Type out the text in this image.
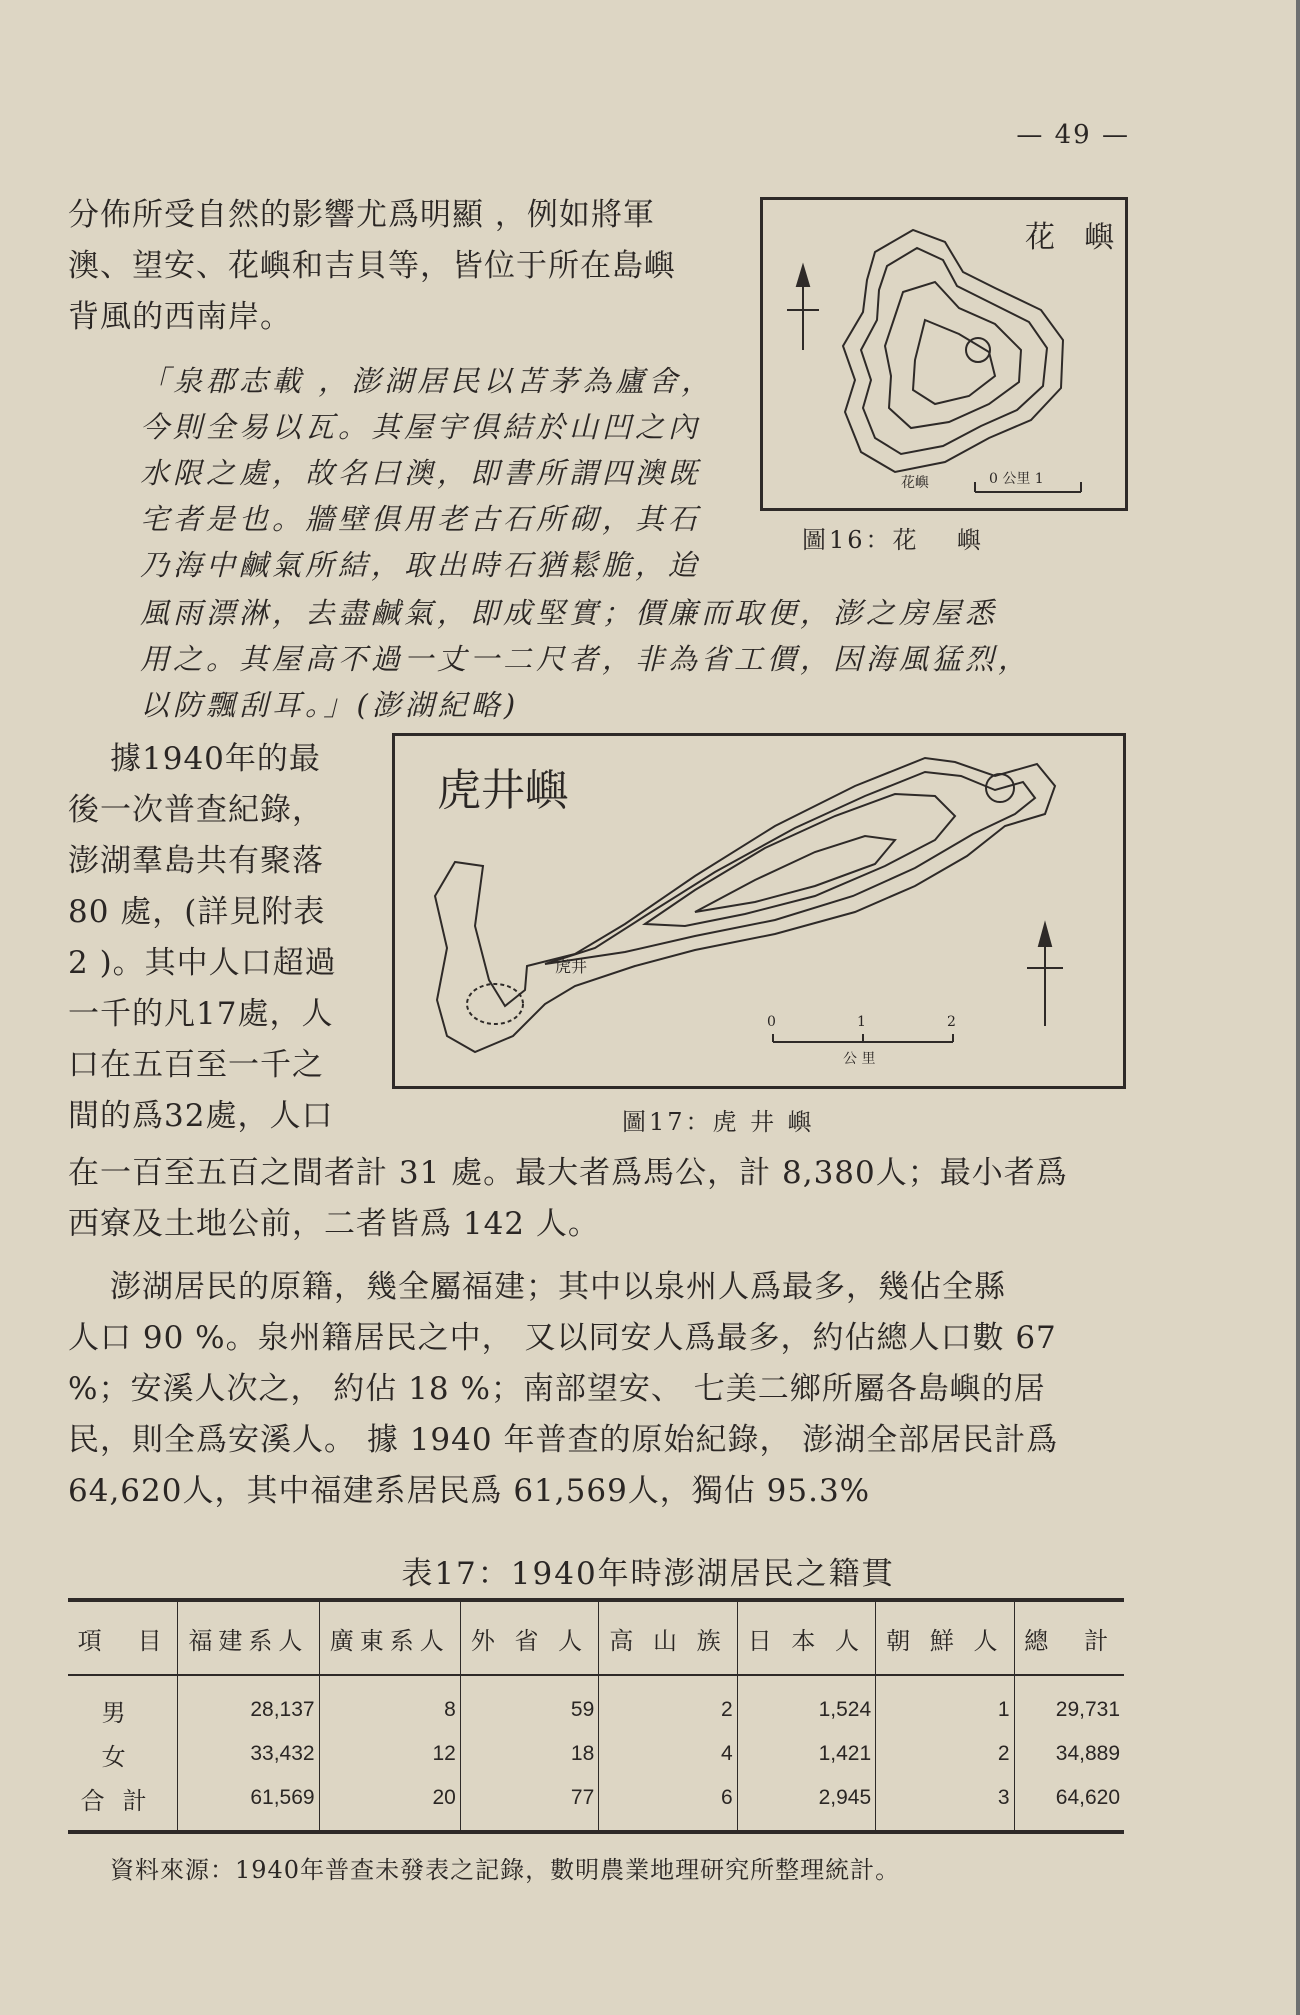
— 49 —

分佈所受自然的影響尤爲明顯 ，例如將軍

澳、望安、花嶼和吉貝等，皆位于所在島嶼

背風的西南岸。

「泉郡志載 ，澎湖居民以苫茅為廬舍，

今則全易以瓦。其屋宇俱結於山凹之內

水限之處，故名曰澳，即書所謂四澳既

宅者是也。牆壁俱用老古石所砌，其石

乃海中鹹氣所結，取出時石猶鬆脆，迨

風雨漂淋，去盡鹹氣，即成堅實；價廉而取便，澎之房屋悉

用之。其屋高不過一丈一二尺者，非為省工價，因海風猛烈，

以防飄刮耳。」(澎湖紀略)

花 嶼
花嶼	0 公里 1
圖16：花　 嶼

據1940年的最

後一次普查紀錄，

澎湖羣島共有聚落

80 處，(詳見附表

2 )。其中人口超過

一千的凡17處，人

口在五百至一千之

間的爲32處，人口

虎井嶼
虎井
0	1	2
公 里
圖17：虎 井 嶼

在一百至五百之間者計 31 處。最大者爲馬公，計 8,380人；最小者爲

西寮及土地公前，二者皆爲 142 人。

澎湖居民的原籍，幾全屬福建；其中以泉州人爲最多，幾佔全縣

人口 90 %。泉州籍居民之中， 又以同安人爲最多，約佔總人口數 67

%；安溪人次之， 約佔 18 %；南部望安、 七美二鄉所屬各島嶼的居

民，則全爲安溪人。 據 1940 年普查的原始紀錄， 澎湖全部居民計爲

64,620人，其中福建系居民爲 61,569人，獨佔 95.3%

表17：1940年時澎湖居民之籍貫
項　目	福建系人	廣東系人	外 省 人	高 山 族	日 本 人	朝 鮮 人	總　計
男	28,137	8	59	2	1,524	1	29,731
女	33,432	12	18	4	1,421	2	34,889
合計	61,569	20	77	6	2,945	3	64,620
資料來源：1940年普查未發表之記錄，數明農業地理研究所整理統計。
